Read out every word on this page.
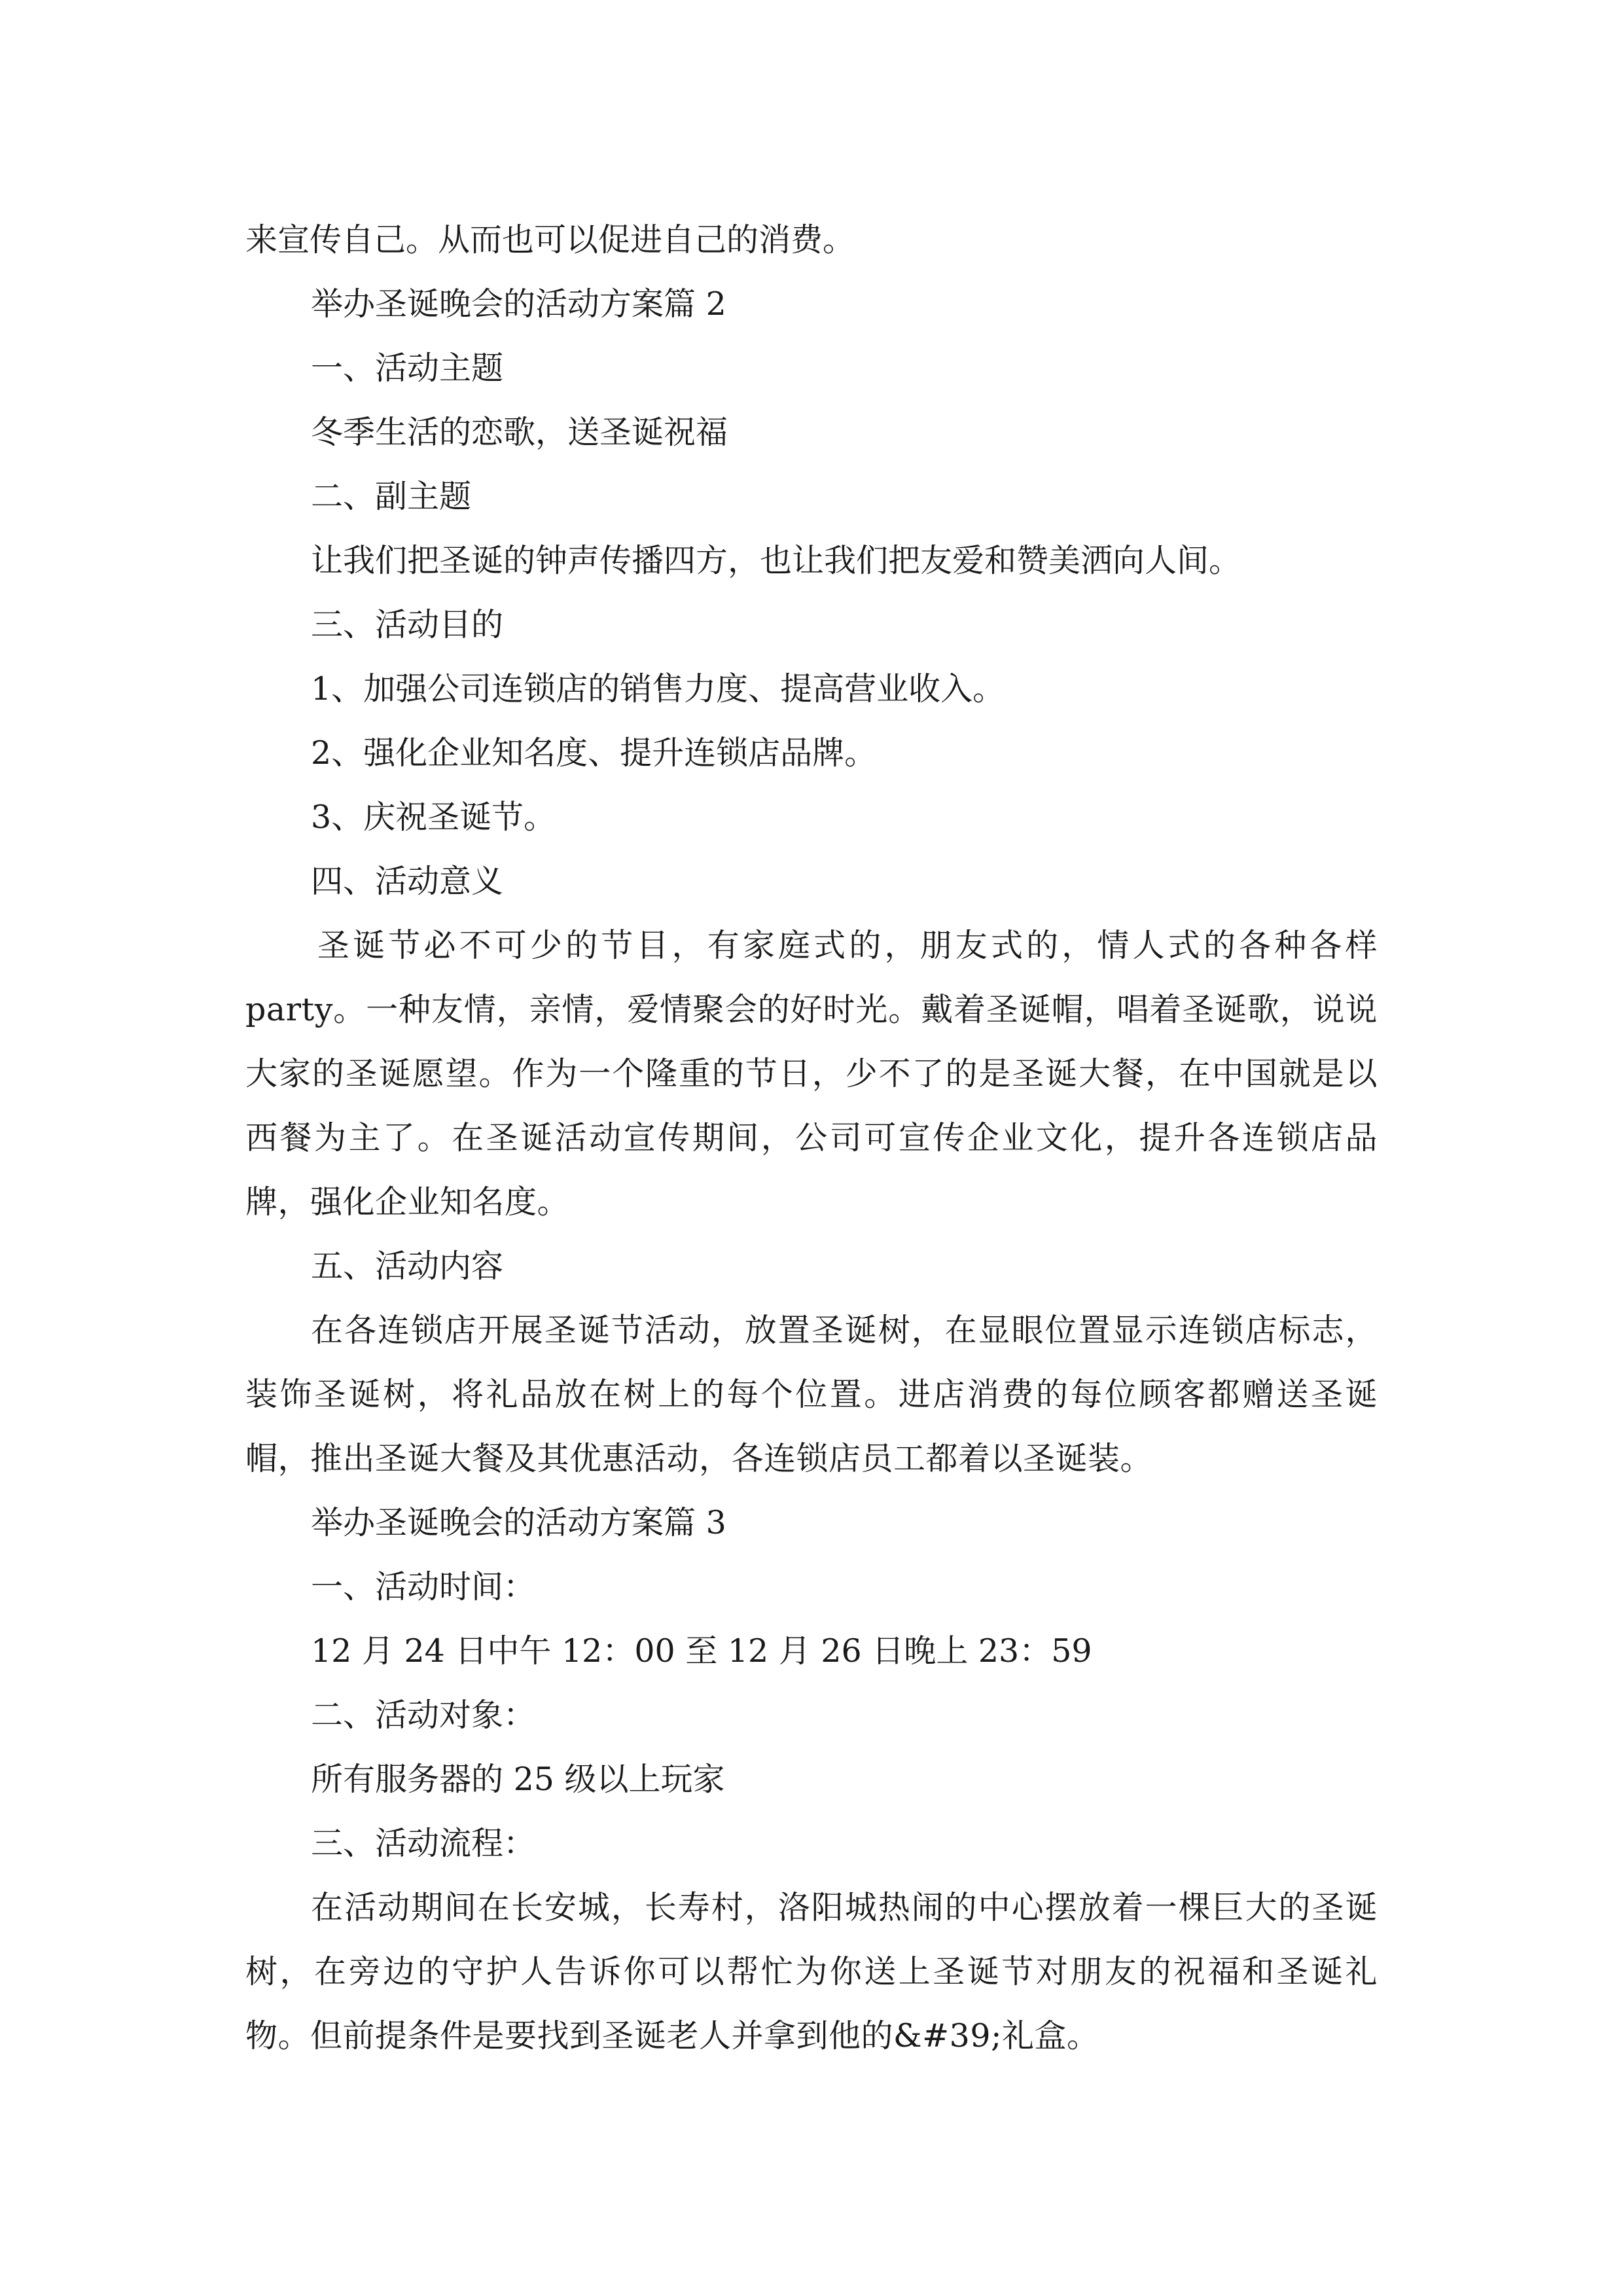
来宣传自己。从而也可以促进自己的消费。

举办圣诞晚会的活动方案篇 2

一、活动主题

冬季生活的恋歌，送圣诞祝福

二、副主题

让我们把圣诞的钟声传播四方，也让我们把友爱和赞美洒向人间。

三、活动目的

1、加强公司连锁店的销售力度、提高营业收入。

2、强化企业知名度、提升连锁店品牌。

3、庆祝圣诞节。

四、活动意义

圣诞节必不可少的节目，有家庭式的，朋友式的，情人式的各种各样party。一种友情，亲情，爱情聚会的好时光。戴着圣诞帽，唱着圣诞歌，说说大家的圣诞愿望。作为一个隆重的节日，少不了的是圣诞大餐，在中国就是以西餐为主了。在圣诞活动宣传期间，公司可宣传企业文化，提升各连锁店品牌，强化企业知名度。

五、活动内容

在各连锁店开展圣诞节活动，放置圣诞树，在显眼位置显示连锁店标志，装饰圣诞树，将礼品放在树上的每个位置。进店消费的每位顾客都赠送圣诞帽，推出圣诞大餐及其优惠活动，各连锁店员工都着以圣诞装。

举办圣诞晚会的活动方案篇 3

一、活动时间：

12 月 24 日中午 12：00 至 12 月 26 日晚上 23：59

二、活动对象：

所有服务器的 25 级以上玩家

三、活动流程：

在活动期间在长安城，长寿村，洛阳城热闹的中心摆放着一棵巨大的圣诞树，在旁边的守护人告诉你可以帮忙为你送上圣诞节对朋友的祝福和圣诞礼物。但前提条件是要找到圣诞老人并拿到他的&#39;礼盒。
